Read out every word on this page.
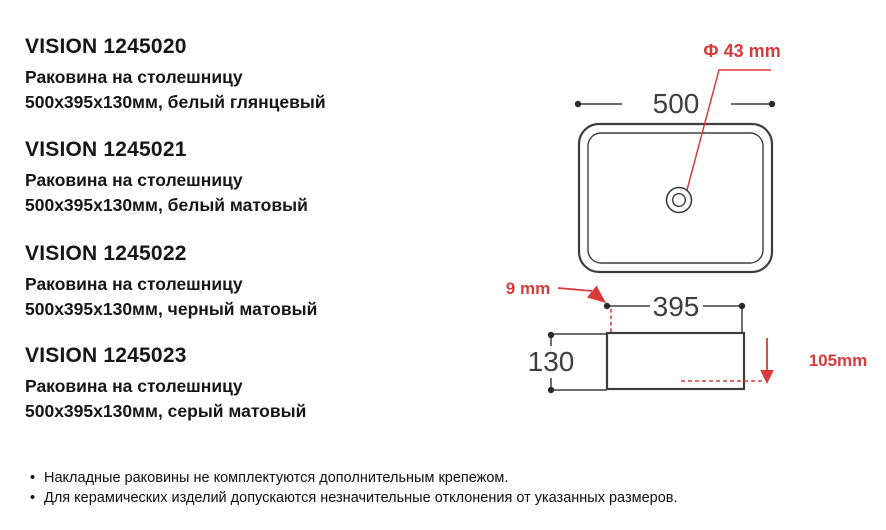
VISION 1245020
Раковина на столешницу
500x395x130мм, белый глянцевый
VISION 1245021
Раковина на столешницу
500x395x130мм, белый матовый
VISION 1245022
Раковина на столешницу
500x395x130мм, черный матовый
VISION 1245023
Раковина на столешницу
500x395x130мм, серый матовый
500
Ф 43 mm
395
130
9 mm
105mm
• Накладные раковины не комплектуются дополнительным крепежом.
• Для керамических изделий допускаются незначительные отклонения от указанных размеров.
